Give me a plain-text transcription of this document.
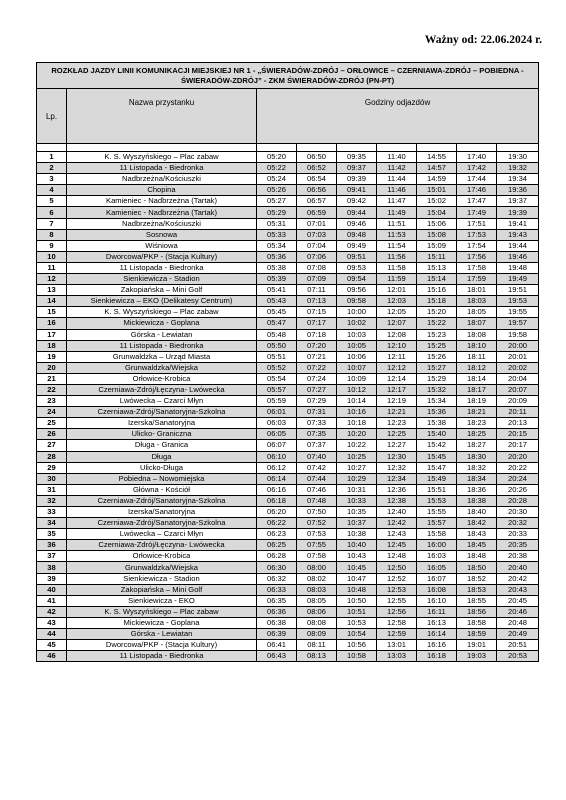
Ważny od: 22.06.2024 r.
ROZKŁAD JAZDY LINII KOMUNIKACJI MIEJSKIEJ NR 1 - „ŚWIERADÓW-ZDRÓJ – ORŁOWICE – CZERNIAWA-ZDRÓJ – POBIEDNA - ŚWIERADÓW-ZDRÓJ” - ZKM ŚWIERADÓW-ZDRÓJ (PN-PT)								
Lp.	Nazwa przystanku	Godziny odjazdów						

1	K. S. Wyszyńskiego – Plac zabaw	05:20	06:50	09:35	11:40	14:55	17:40	19:30
2	11 Listopada - Biedronka	05:22	06:52	09:37	11:42	14:57	17:42	19:32
3	Nadbrzeżna/Kościuszki	05:24	06:54	09:39	11:44	14:59	17:44	19:34
4	Chopina	05:26	06:56	09:41	11:46	15:01	17:46	19:36
5	Kamieniec - Nadbrzeżna (Tartak)	05:27	06:57	09:42	11:47	15:02	17:47	19:37
6	Kamieniec - Nadbrzeżna (Tartak)	05:29	06:59	09:44	11:49	15:04	17:49	19:39
7	Nadbrzeżna/Kościuszki	05:31	07:01	09:46	11:51	15:06	17:51	19:41
8	Sosnowa	05:33	07:03	09:48	11:53	15:08	17:53	19:43
9	Wiśniowa	05:34	07:04	09:49	11:54	15:09	17:54	19:44
10	Dworcowa/PKP - (Stacja Kultury)	05:36	07:06	09:51	11:56	15:11	17:56	19:46
11	11 Listopada - Biedronka	05:38	07:08	09:53	11:58	15:13	17:58	19:48
12	Sienkiewicza - Stadion	05:39	07:09	09:54	11:59	15:14	17:59	19:49
13	Zakopiańska – Mini Golf	05:41	07:11	09:56	12:01	15:16	18:01	19:51
14	Sienkiewicza – EKO (Delikatesy Centrum)	05:43	07:13	09:58	12:03	15:18	18:03	19:53
15	K. S. Wyszyńskiego – Plac zabaw	05:45	07:15	10:00	12:05	15:20	18:05	19:55
16	Mickiewicza - Goplana	05:47	07:17	10:02	12:07	15:22	18:07	19:57
17	Górska - Lewiatan	05:48	07:18	10:03	12:08	15:23	18:08	19:58
18	11 Listopada - Biedronka	05:50	07:20	10:05	12:10	15:25	18:10	20:00
19	Grunwaldzka – Urząd Miasta	05:51	07:21	10:06	12:11	15:26	18:11	20:01
20	Grunwaldzka/Wiejska	05:52	07:22	10:07	12:12	15:27	18:12	20:02
21	Orłowice-Krobica	05:54	07:24	10:09	12:14	15:29	18:14	20:04
22	Czerniawa-Zdrój/Łęczyna- Lwówecka	05:57	07:27	10:12	12:17	15:32	18:17	20:07
23	Lwówecka – Czarci Młyn	05:59	07:29	10:14	12:19	15:34	18:19	20:09
24	Czerniawa-Zdrój/Sanatoryjna-Szkolna	06:01	07:31	10:16	12:21	15:36	18:21	20:11
25	Izerska/Sanatoryjna	06:03	07:33	10:18	12:23	15:38	18:23	20:13
26	Ulicko- Graniczna	06:05	07:35	10:20	12:25	15:40	18:25	20:15
27	Długa - Granica	06:07	07:37	10:22	12:27	15:42	18:27	20:17
28	Długa	06:10	07:40	10:25	12:30	15:45	18:30	20:20
29	Ulicko-Długa	06:12	07:42	10:27	12:32	15:47	18:32	20:22
30	Pobiedna – Nowomiejska	06:14	07:44	10:29	12:34	15:49	18:34	20:24
31	Główna - Kościół	06:16	07:46	10:31	12:36	15:51	18:36	20:26
32	Czerniawa-Zdrój/Sanatoryjna-Szkolna	06:18	07:48	10:33	12:38	15:53	18:38	20:28
33	Izerska/Sanatoryjna	06:20	07:50	10:35	12:40	15:55	18:40	20:30
34	Czerniawa-Zdrój/Sanatoryjna-Szkolna	06:22	07:52	10:37	12:42	15:57	18:42	20:32
35	Lwówecka – Czarci Młyn	06:23	07:53	10:38	12:43	15:58	18:43	20:33
36	Czerniawa-Zdrój/Łęczyna- Lwówecka	06:25	07:55	10:40	12:45	16:00	18:45	20:35
37	Orłowice-Krobica	06:28	07:58	10:43	12:48	16:03	18:48	20:38
38	Grunwaldzka/Wiejska	06:30	08:00	10:45	12:50	16:05	18:50	20:40
39	Sienkiewicza - Stadion	06:32	08:02	10:47	12:52	16:07	18:52	20:42
40	Zakopiańska – Mini Golf	06:33	08:03	10:48	12:53	16:08	18:53	20:43
41	Sienkiewicza - EKO	06:35	08:05	10:50	12:55	16:10	18:55	20:45
42	K. S. Wyszyńskiego – Plac zabaw	06:36	08:06	10:51	12:56	16:11	18:56	20:46
43	Mickiewicza - Goplana	06:38	08:08	10:53	12:58	16:13	18:58	20:48
44	Górska - Lewiatan	06:39	08:09	10:54	12:59	16:14	18:59	20:49
45	Dworcowa/PKP - (Stacja Kultury)	06:41	08:11	10:56	13:01	16:16	19:01	20:51
46	11 Listopada - Biedronka	06:43	08:13	10:58	13:03	16:18	19:03	20:53
